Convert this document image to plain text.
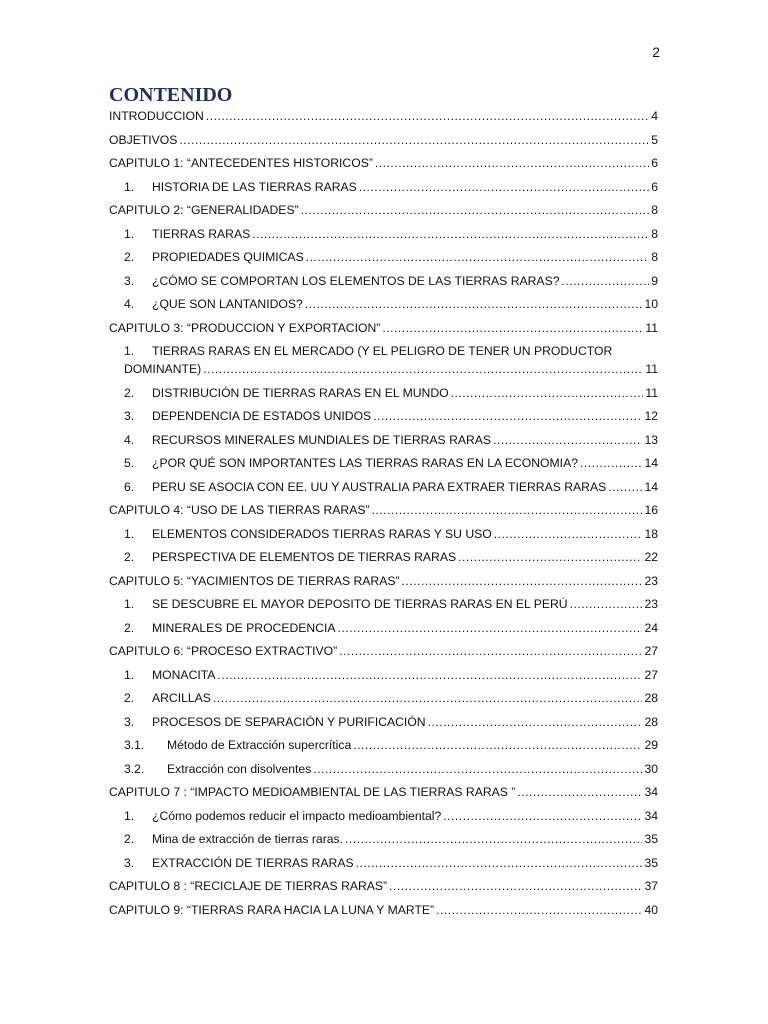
2
CONTENIDO
INTRODUCCION .....	4
OBJETIVOS .....	5
CAPITULO 1: “ANTECEDENTES HISTORICOS” .....	6
1. HISTORIA DE LAS TIERRAS RARAS .....	6
CAPITULO 2: “GENERALIDADES” .....	8
1. TIERRAS RARAS .....	8
2. PROPIEDADES QUIMICAS .....	8
3. ¿CÓMO SE COMPORTAN LOS ELEMENTOS DE LAS TIERRAS RARAS? .....	9
4. ¿QUE SON LANTANIDOS? .....	10
CAPITULO 3: “PRODUCCION Y EXPORTACION” .....	11
1. TIERRAS RARAS EN EL MERCADO (Y EL PELIGRO DE TENER UN PRODUCTOR
DOMINANTE) .....	11
2. DISTRIBUCIÓN DE TIERRAS RARAS EN EL MUNDO .....	11
3. DEPENDENCIA DE ESTADOS UNIDOS .....	12
4. RECURSOS MINERALES MUNDIALES DE TIERRAS RARAS .....	13
5. ¿POR QUÉ SON IMPORTANTES LAS TIERRAS RARAS EN LA ECONOMIA? .....	14
6. PERU SE ASOCIA CON EE. UU Y AUSTRALIA PARA EXTRAER TIERRAS RARAS .....	14
CAPITULO 4: “USO DE LAS TIERRAS RARAS” .....	16
1. ELEMENTOS CONSIDERADOS TIERRAS RARAS Y SU USO .....	18
2. PERSPECTIVA DE ELEMENTOS DE TIERRAS RARAS .....	22
CAPITULO 5: “YACIMIENTOS DE TIERRAS RARAS” .....	23
1. SE DESCUBRE EL MAYOR DEPOSITO DE TIERRAS RARAS EN EL PERÚ .....	23
2. MINERALES DE PROCEDENCIA .....	24
CAPITULO 6: “PROCESO EXTRACTIVO” .....	27
1. MONACITA .....	27
2. ARCILLAS .....	28
3. PROCESOS DE SEPARACIÓN Y PURIFICACIÓN .....	28
3.1. Método de Extracción supercrítica .....	29
3.2. Extracción con disolventes .....	30
CAPITULO 7 : “IMPACTO MEDIOAMBIENTAL DE LAS TIERRAS RARAS ” .....	34
1. ¿Cómo podemos reducir el impacto medioambiental? .....	34
2. Mina de extracción de tierras raras. .....	35
3. EXTRACCIÓN DE TIERRAS RARAS .....	35
CAPITULO 8 : “RECICLAJE DE TIERRAS RARAS” .....	37
CAPITULO 9: “TIERRAS RARA HACIA LA LUNA Y MARTE” .....	40
